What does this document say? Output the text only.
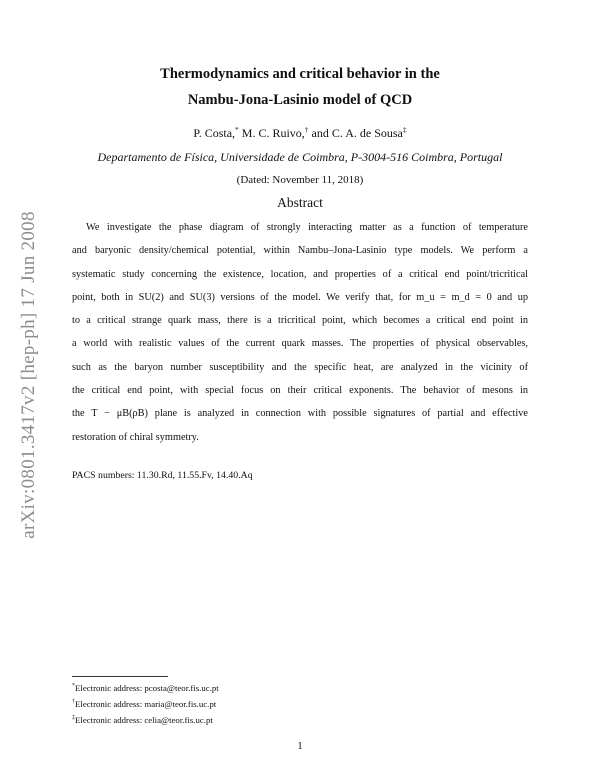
arXiv:0801.3417v2 [hep-ph] 17 Jun 2008
Thermodynamics and critical behavior in the
Nambu-Jona-Lasinio model of QCD
P. Costa,* M. C. Ruivo,† and C. A. de Sousa‡
Departamento de Física, Universidade de Coimbra, P-3004-516 Coimbra, Portugal
(Dated: November 11, 2018)
Abstract
We investigate the phase diagram of strongly interacting matter as a function of temperature
and baryonic density/chemical potential, within Nambu–Jona-Lasinio type models. We perform a
systematic study concerning the existence, location, and properties of a critical end point/tricritical
point, both in SU(2) and SU(3) versions of the model. We verify that, for m_u = m_d = 0 and up
to a critical strange quark mass, there is a tricritical point, which becomes a critical end point in
a world with realistic values of the current quark masses. The properties of physical observables,
such as the baryon number susceptibility and the specific heat, are analyzed in the vicinity of
the critical end point, with special focus on their critical exponents. The behavior of mesons in
the T − μB(ρB) plane is analyzed in connection with possible signatures of partial and effective
restoration of chiral symmetry.
PACS numbers: 11.30.Rd, 11.55.Fv, 14.40.Aq
*Electronic address: pcosta@teor.fis.uc.pt
†Electronic address: maria@teor.fis.uc.pt
‡Electronic address: celia@teor.fis.uc.pt
1
